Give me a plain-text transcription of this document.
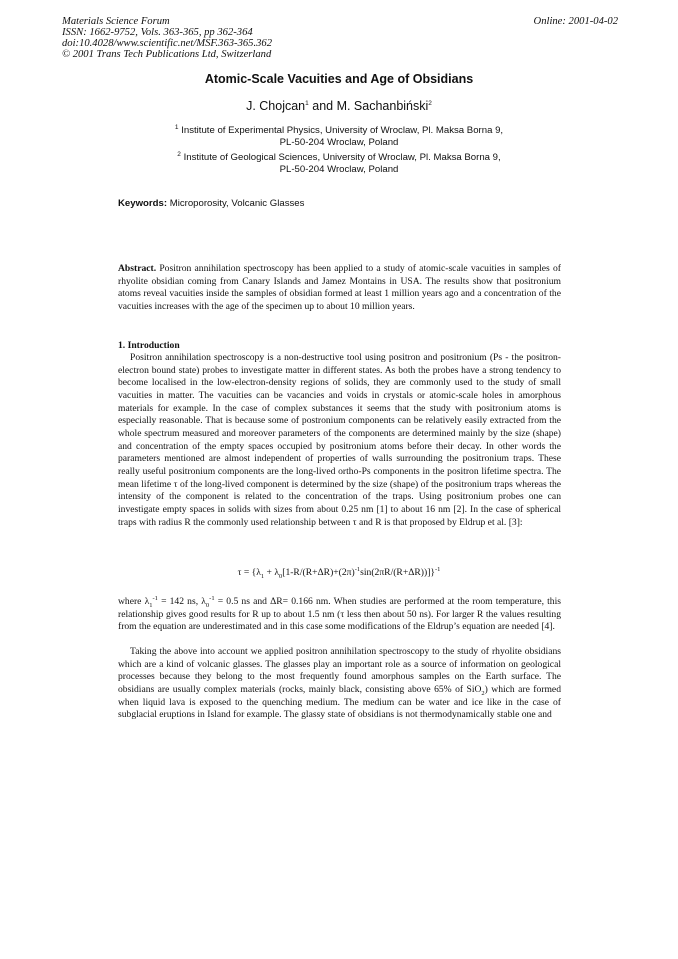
Materials Science Forum
ISSN: 1662-9752, Vols. 363-365, pp 362-364
doi:10.4028/www.scientific.net/MSF.363-365.362
© 2001 Trans Tech Publications Ltd, Switzerland
Online: 2001-04-02
Atomic-Scale Vacuities and Age of Obsidians
J. Chojcan$^1$ and M. Sachanbiński$^2$
$^1$ Institute of Experimental Physics, University of Wroclaw, Pl. Maksa Borna 9,
PL-50-204 Wroclaw, Poland
$^2$ Institute of Geological Sciences, University of Wroclaw, Pl. Maksa Borna 9,
PL-50-204 Wroclaw, Poland
Keywords: Microporosity, Volcanic Glasses
Abstract. Positron annihilation spectroscopy has been applied to a study of atomic-scale vacuities in samples of rhyolite obsidian coming from Canary Islands and Jamez Montains in USA. The results show that positronium atoms reveal vacuities inside the samples of obsidian formed at least 1 million years ago and a concentration of the vacuities increases with the age of the specimen up to about 10 million years.
1. Introduction
Positron annihilation spectroscopy is a non-destructive tool using positron and positronium (Ps - the positron-electron bound state) probes to investigate matter in different states. As both the probes have a strong tendency to become localised in the low-electron-density regions of solids, they are commonly used to the study of small vacuities in matter. The vacuities can be vacancies and voids in crystals or atomic-scale holes in amorphous materials for example. In the case of complex substances it seems that the study with positronium atoms is especially reasonable. That is because some of postronium components can be relatively easily extracted from the whole spectrum measured and moreover parameters of the components are determined mainly by the size (shape) and concentration of the empty spaces occupied by positronium atoms before their decay. In other words the parameters mentioned are almost independent of properties of walls surrounding the positronium traps. These really useful positronium components are the long-lived ortho-Ps components in the positron lifetime spectra. The mean lifetime τ of the long-lived component is determined by the size (shape) of the positronium traps whereas the intensity of the component is related to the concentration of the traps. Using positronium probes one can investigate empty spaces in solids with sizes from about 0.25 nm [1] to about 16 nm [2]. In the case of spherical traps with radius R the commonly used relationship between τ and R is that proposed by Eldrup et al. [3]:
$\tau = \{\lambda_1 + \lambda_0[1-R/(R+\Delta R)+(2\pi)^{-1}\sin(2\pi R/(R+\Delta R))]\}^{-1}$
where $\lambda_1^{-1} = 142$ ns, $\lambda_0^{-1} = 0.5$ ns and ΔR= 0.166 nm. When studies are performed at the room temperature, this relationship gives good results for R up to about 1.5 nm (τ less then about 50 ns). For larger R the values resulting from the equation are underestimated and in this case some modifications of the Eldrup’s equation are needed [4].
Taking the above into account we applied positron annihilation spectroscopy to the study of rhyolite obsidians which are a kind of volcanic glasses. The glasses play an important role as a source of information on geological processes because they belong to the most frequently found amorphous samples on the Earth surface. The obsidians are usually complex materials (rocks, mainly black, consisting above 65% of SiO$_2$) which are formed when liquid lava is exposed to the quenching medium. The medium can be water and ice like in the case of subglacial eruptions in Island for example. The glassy state of obsidians is not thermodynamically stable one and
